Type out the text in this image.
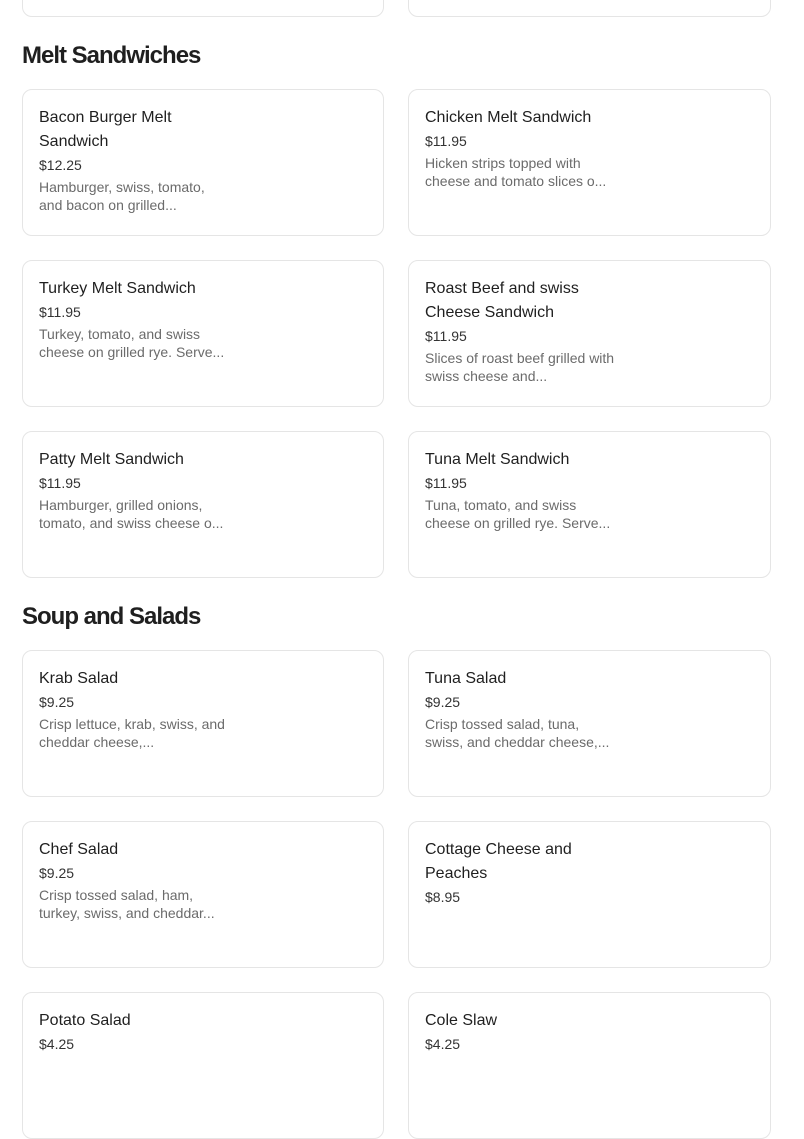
Melt Sandwiches
Bacon Burger Melt Sandwich
$12.25
Hamburger, swiss, tomato, and bacon on grilled...
Chicken Melt Sandwich
$11.95
Hicken strips topped with cheese and tomato slices o...
Turkey Melt Sandwich
$11.95
Turkey, tomato, and swiss cheese on grilled rye. Serve...
Roast Beef and swiss Cheese Sandwich
$11.95
Slices of roast beef grilled with swiss cheese and...
Patty Melt Sandwich
$11.95
Hamburger, grilled onions, tomato, and swiss cheese o...
Tuna Melt Sandwich
$11.95
Tuna, tomato, and swiss cheese on grilled rye. Serve...
Soup and Salads
Krab Salad
$9.25
Crisp lettuce, krab, swiss, and cheddar cheese,...
Tuna Salad
$9.25
Crisp tossed salad, tuna, swiss, and cheddar cheese,...
Chef Salad
$9.25
Crisp tossed salad, ham, turkey, swiss, and cheddar...
Cottage Cheese and Peaches
$8.95
Potato Salad
$4.25
Cole Slaw
$4.25
